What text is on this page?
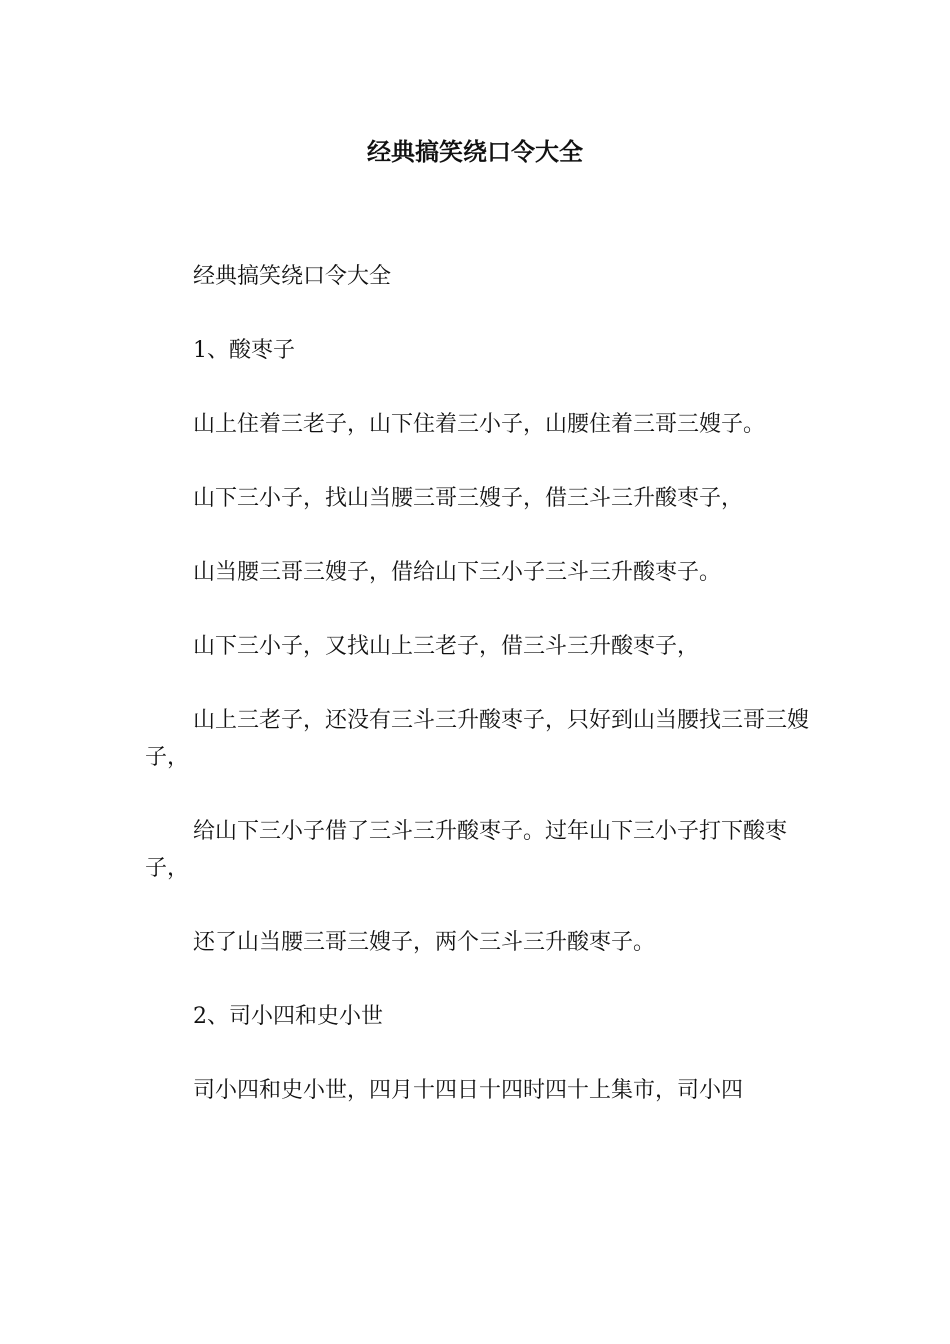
经典搞笑绕口令大全

经典搞笑绕口令大全

1、酸枣子

山上住着三老子，山下住着三小子，山腰住着三哥三嫂子。

山下三小子，找山当腰三哥三嫂子，借三斗三升酸枣子，

山当腰三哥三嫂子，借给山下三小子三斗三升酸枣子。

山下三小子，又找山上三老子，借三斗三升酸枣子，

山上三老子，还没有三斗三升酸枣子，只好到山当腰找三哥三嫂子，

给山下三小子借了三斗三升酸枣子。过年山下三小子打下酸枣子，

还了山当腰三哥三嫂子，两个三斗三升酸枣子。

2、司小四和史小世

司小四和史小世，四月十四日十四时四十上集市，司小四
